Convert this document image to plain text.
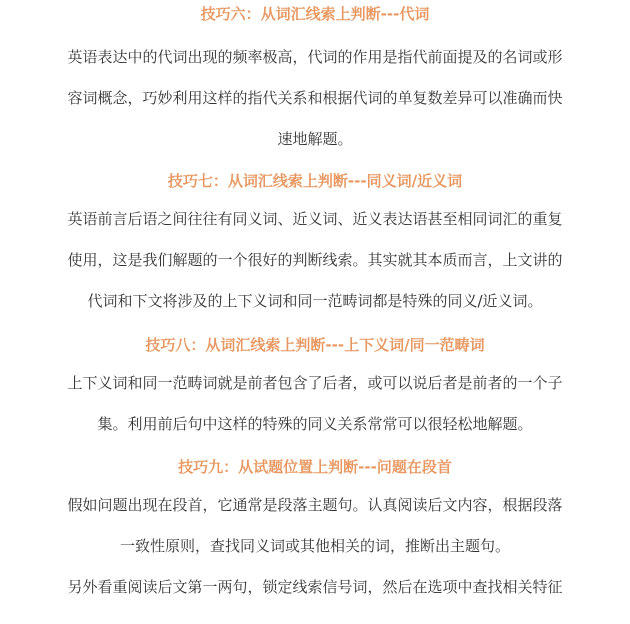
技巧六：从词汇线索上判断---代词

英语表达中的代词出现的频率极高，代词的作用是指代前面提及的名词或形
容词概念，巧妙利用这样的指代关系和根据代词的单复数差异可以准确而快
速地解题。

技巧七：从词汇线索上判断---同义词/近义词

英语前言后语之间往往有同义词、近义词、近义表达语甚至相同词汇的重复
使用，这是我们解题的一个很好的判断线索。其实就其本质而言，上文讲的
代词和下文将涉及的上下义词和同一范畴词都是特殊的同义/近义词。

技巧八：从词汇线索上判断---上下义词/同一范畴词

上下义词和同一范畴词就是前者包含了后者，或可以说后者是前者的一个子
集。利用前后句中这样的特殊的同义关系常常可以很轻松地解题。

技巧九：从试题位置上判断---问题在段首

假如问题出现在段首，它通常是段落主题句。认真阅读后文内容，根据段落
一致性原则，查找同义词或其他相关的词，推断出主题句。

另外看重阅读后文第一两句，锁定线索信号词，然后在选项中查找相关特征
